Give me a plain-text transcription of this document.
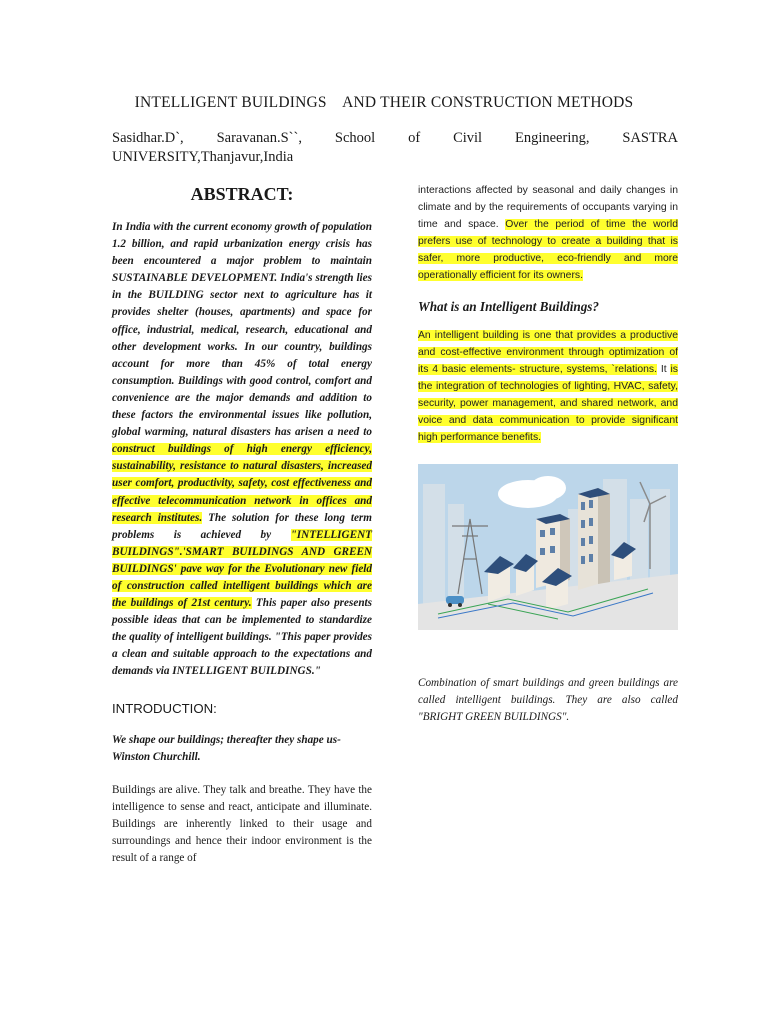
INTELLIGENT BUILDINGS    AND THEIR CONSTRUCTION METHODS
Sasidhar.D`, Saravanan.S``, School of Civil Engineering, SASTRA
UNIVERSITY,Thanjavur,India
ABSTRACT:

In India with the current economy growth of population 1.2 billion, and rapid urbanization energy crisis has been encountered a major problem to maintain SUSTAINABLE DEVELOPMENT. India's strength lies in the BUILDING sector next to agriculture has it provides shelter (houses, apartments) and space for office, industrial, medical, research, educational and other development works. In our country, buildings account for more than 45% of total energy consumption. Buildings with good control, comfort and convenience are the major demands and addition to these factors the environmental issues like pollution, global warming, natural disasters has arisen a need to construct buildings of high energy efficiency, sustainability, resistance to natural disasters, increased user comfort, productivity, safety, cost effectiveness and effective telecommunication network in offices and research institutes. The solution for these long term problems is achieved by "INTELLIGENT BUILDINGS".'SMART BUILDINGS AND GREEN BUILDINGS' pave way for the Evolutionary new field of construction called intelligent buildings which are the buildings of 21st century. This paper also presents possible ideas that can be implemented to standardize the quality of intelligent buildings. "This paper provides a clean and suitable approach to the expectations and demands via INTELLIGENT BUILDINGS."

INTRODUCTION:

We shape our buildings; thereafter they shape us- Winston Churchill.

Buildings are alive. They talk and breathe. They have the intelligence to sense and react, anticipate and illuminate. Buildings are inherently linked to their usage and surroundings and hence their indoor environment is the result of a range of

interactions affected by seasonal and daily changes in climate and by the requirements of occupants varying in time and space. Over the period of time the world prefers use of technology to create a building that is safer, more productive, eco-friendly and more operationally efficient for its owners.

What is an Intelligent Buildings?

An intelligent building is one that provides a productive and cost-effective environment through optimization of its 4 basic elements- structure, systems, `relations. It is the integration of technologies of lighting, HVAC, safety, security, power management, and shared network, and voice and data communication to provide significant high performance benefits.

Combination of smart buildings and green buildings are called intelligent buildings. They are also called "BRIGHT GREEN BUILDINGS".
